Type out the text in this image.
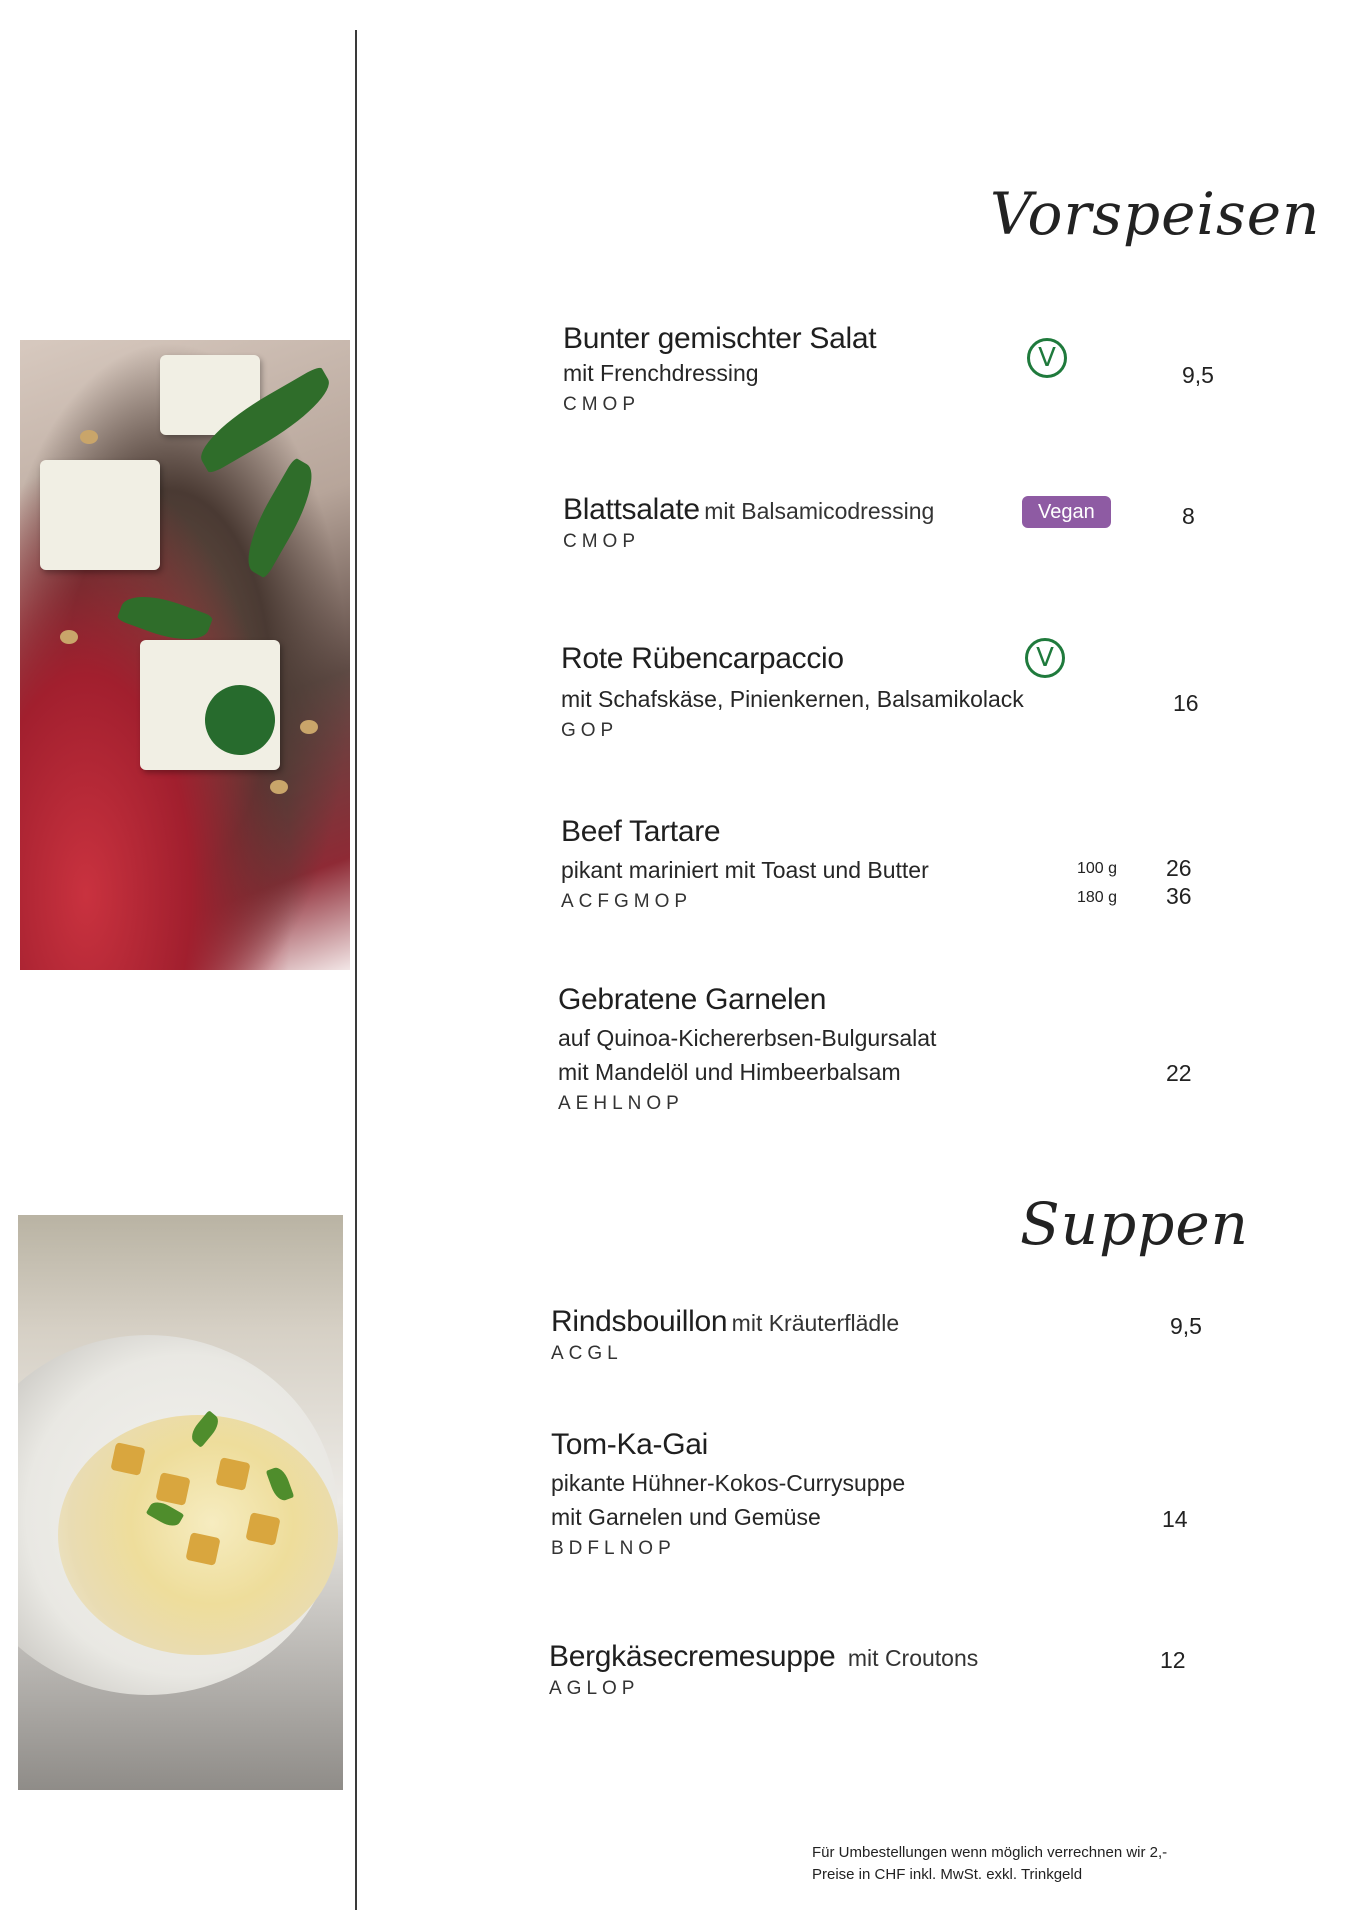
Vorspeisen
Bunter gemischter Salat
mit Frenchdressing
CMOP
V
9,5
Blattsalate mit Balsamicodressing
CMOP
Vegan	8
Rote Rübencarpaccio
mit Schafskäse, Pinienkernen, Balsamikolack
GOP
V
16
Beef Tartare
pikant mariniert mit Toast und Butter
ACFGMOP
100 g 26
180 g 36
Gebratene Garnelen
auf Quinoa-Kichererbsen-Bulgursalat
mit Mandelöl und Himbeerbalsam
AEHLNOP
22
Suppen
Rindsbouillon mit Kräuterflädle
ACGL
9,5
Tom-Ka-Gai
pikante Hühner-Kokos-Currysuppe
mit Garnelen und Gemüse
BDFLNOP
14
Bergkäsecremesuppe mit Croutons
AGLOP
12
Für Umbestellungen wenn möglich verrechnen wir 2,-
Preise in CHF inkl. MwSt. exkl. Trinkgeld
